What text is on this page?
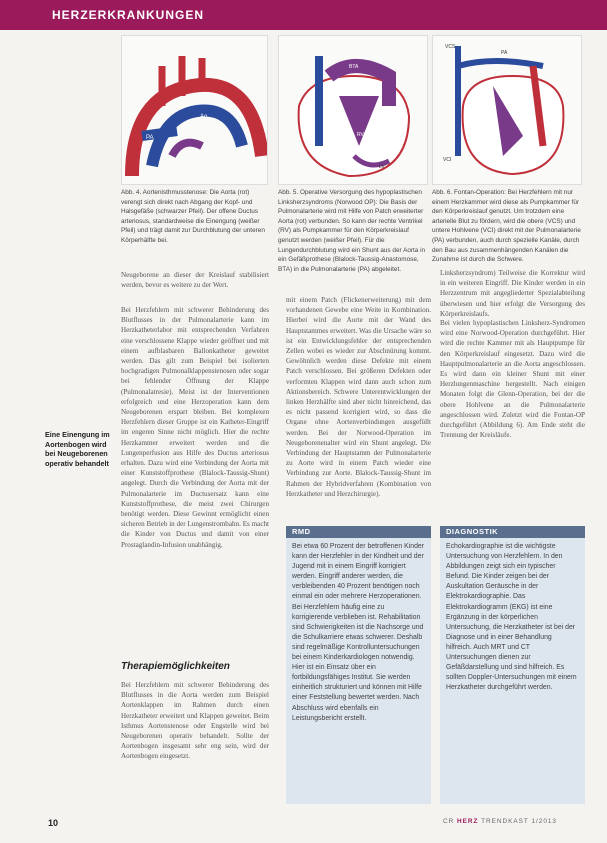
HERZERKRANKUNGEN
Ao
PA
BTA
PA
RV
LV
VCS
PA
VCI
Abb. 4. Aortenisthmusstenose: Die Aorta (rot) verengt sich direkt nach Abgang der Kopf- und Halsgefäße (schwarzer Pfeil). Der offene Ductus arteriosus, standardweise die Einengung (weißer Pfeil) und trägt damit zur Durchblutung der unteren Körperhälfte bei.
Abb. 5. Operative Versorgung des hypoplastischen Linksherzsyndroms (Norwood OP): Die Basis der Pulmonalarterie wird mit Hilfe von Patch erweiterter Aorta (rot) verbunden. So kann der rechte Ventrikel (RV) als Pumpkammer für den Körperkreislauf genutzt werden (weißer Pfeil). Für die Lungendurchblutung wird ein Shunt aus der Aorta in ein Gefäßprothese (Blalock-Taussig-Anastomose, BTA) in die Pulmonalarterie (PA) abgeleitet.
Abb. 6. Fontan-Operation: Bei Herzfehlern mit nur einem Herzkammer wird diese als Pumpkammer für den Körperkreislauf genutzt. Um trotzdem eine arterielle Blut zu fördern, wird die obere (VCS) und untere Hohlvene (VCI) direkt mit der Pulmonalarterie (PA) verbunden, auch durch spezielle Kanäle, durch den Bau aus zusammenhängenden Kanälen die Zunahme ist durch die Schwere.
Eine Einengung im Aortenbogen wird bei Neugeborenen operativ behandelt
Neugeborene an dieser der Kreislauf stabilisiert werden, bevor es weitere zu der Wert.
Bei Herzfehlern mit schwerer Behinderung des Blutflusses in der Pulmonalarterie kann im Herzkatheterlabor mit entsprechenden Verfahren eine verschlossene Klappe wieder geöffnet und mit einem aufblasbaren Ballonkatheter geweitet werden. Das gilt zum Beispiel bei isolierten hochgradigen Pulmonalklappenstenosen oder sogar bei fehlender Öffnung der Klappe (Pulmonalatresie). Meist ist der Interventionen erfolgreich und eine Herzoperation kann dem Neugeborenen erspart bleiben. Bei komplexen Herzfehlern dieser Gruppe ist ein Katheter-Eingriff im engeren Sinne nicht möglich. Hier die rechte Herzkammer erweitert werden und die Lungenperfusion aus Hilfe des Ductus arteriosus erhalten. Dazu wird eine Verbindung der Aorta mit einer Kunststoffprothese (Blalock-Taussig-Shunt) angelegt. Durch die Verbindung der Aorta mit der Pulmonalarterie im Ductusersatz kann eine Kunststoffprothese, die meist zwei Chirurgen benötigt werden. Diese Gewinnt ermöglicht einen sicheren Betrieb in der Lungenstrombahn. Es macht die Kinder von Ductus und damit von einer Prostaglandin-Infusion unabhängig.
Therapiemöglichkeiten
Bei Herzfehlern mit schwerer Behinderung des Blutflusses in die Aorta werden zum Beispiel Aortenklappen im Rahmen durch einen Herzkatheter erweitert und Klappen geweitet. Beim Isthmus Aortenstenose oder Engstelle wird bei Neugeborenen operativ behandelt. Sollte der Aortenbogen insgesamt sehr eng sein, wird der Aortenbogen eingesetzt.
mit einem Patch (Flickenerweiterung) mit dem vorhandenen Gewebe eine Weite in Kombination. Hierbei wird die Aorte mit der Wand des Hauptstammes erweitert. Was die Ursache wäre so ist ein Entwicklungsfehler der entsprechenden Zellen wobei es wieder zur Abschnürung kommt. Gewöhnlich werden diese Defekte mit einem Patch verschlossen. Bei größeren Defekten oder verformten Klappen wird dann auch schon zum Aktionsbereich. Schwere Unterentwicklungen der linken Herzhälfte sind aber nicht hinreichend, das es nicht passend korrigiert wird, so dass die Organe ohne Aortenverbindungen ausgefüllt werden. Bei der Norwood-Operation im Neugeborenenalter wird ein Shunt angelegt. Die Verbindung der Hauptstamm der Pulmonalarterie zu Aorte wird in einem Patch wieder eine Verbindung zur Aorte. Blalock-Taussig-Shunt im Rahmen der Hybridverfahren (Kombination von Herzkatheter und Herzchirurgie).
RMD
Bei etwa 60 Prozent der betroffenen Kinder kann der Herzfehler in der Kindheit und der Jugend mit in einem Eingriff korrigiert werden. Eingriff anderer werden, die verbleibenden 40 Prozent benötigen noch einmal ein oder mehrere Herzoperationen. Bei Herzfehlern häufig eine zu korrigierende verblieben ist. Rehabilitation sind Schwierigkeiten ist die Nachsorge und die Schulkarriere etwas schwerer. Deshalb sind regelmäßige Kontrolluntersuchungen bei einem Kinderkardiologen notwendig. Hier ist ein Einsatz über ein fortbildungsfähiges Institut. Sie werden einheitlich strukturiert und können mit Hilfe einer Feststellung bewertet werden. Nach Abschluss wird ebenfalls ein Leistungsbericht erstellt.
Linksherzsyndrom) Teilweise die Korrektur wird in ein weiteren Eingriff. Die Kinder werden in ein Herzzentrum mit angegliederter Spezialabteilung überwiesen und hier erfolgt die Versorgung des Körperkreislaufs.
Bei vielen hypoplastischen Linksherz-Syndromen wird eine Norwood-Operation durchgeführt. Hier wird die rechte Kammer mit als Hauptpumpe für den Körperkreislauf eingesetzt. Dazu wird die Hauptpulmonalarterie an die Aorta angeschlossen. Es wird dann ein kleiner Shunt mit einer Herzlungenmaschine hergestellt. Nach einigen Monaten folgt die Glenn-Operation, bei der die obere Hohlvene an die Pulmonalarterie angeschlossen wird. Zuletzt wird die Fontan-OP durchgeführt (Abbildung 6). Am Ende steht die Trennung der Kreisläufe.
DIAGNOSTIK
Echokardiographie ist die wichtigste Untersuchung von Herzfehlern. In den Abbildungen zeigt sich ein typischer Befund. Die Kinder zeigen bei der Auskultation Geräusche in der Elektrokardiographie. Das Elektrokardiogramm (EKG) ist eine Ergänzung in der körperlichen Untersuchung, die Herzkatheter ist bei der Diagnose und in einer Behandlung hilfreich. Auch MRT und CT Untersuchungen dienen zur Gefäßdarstellung und sind hilfreich. Es sollten Doppler-Untersuchungen mit einem Herzkatheter durchgeführt werden.
10	CR HERZ TRENDKAST 1/2013
